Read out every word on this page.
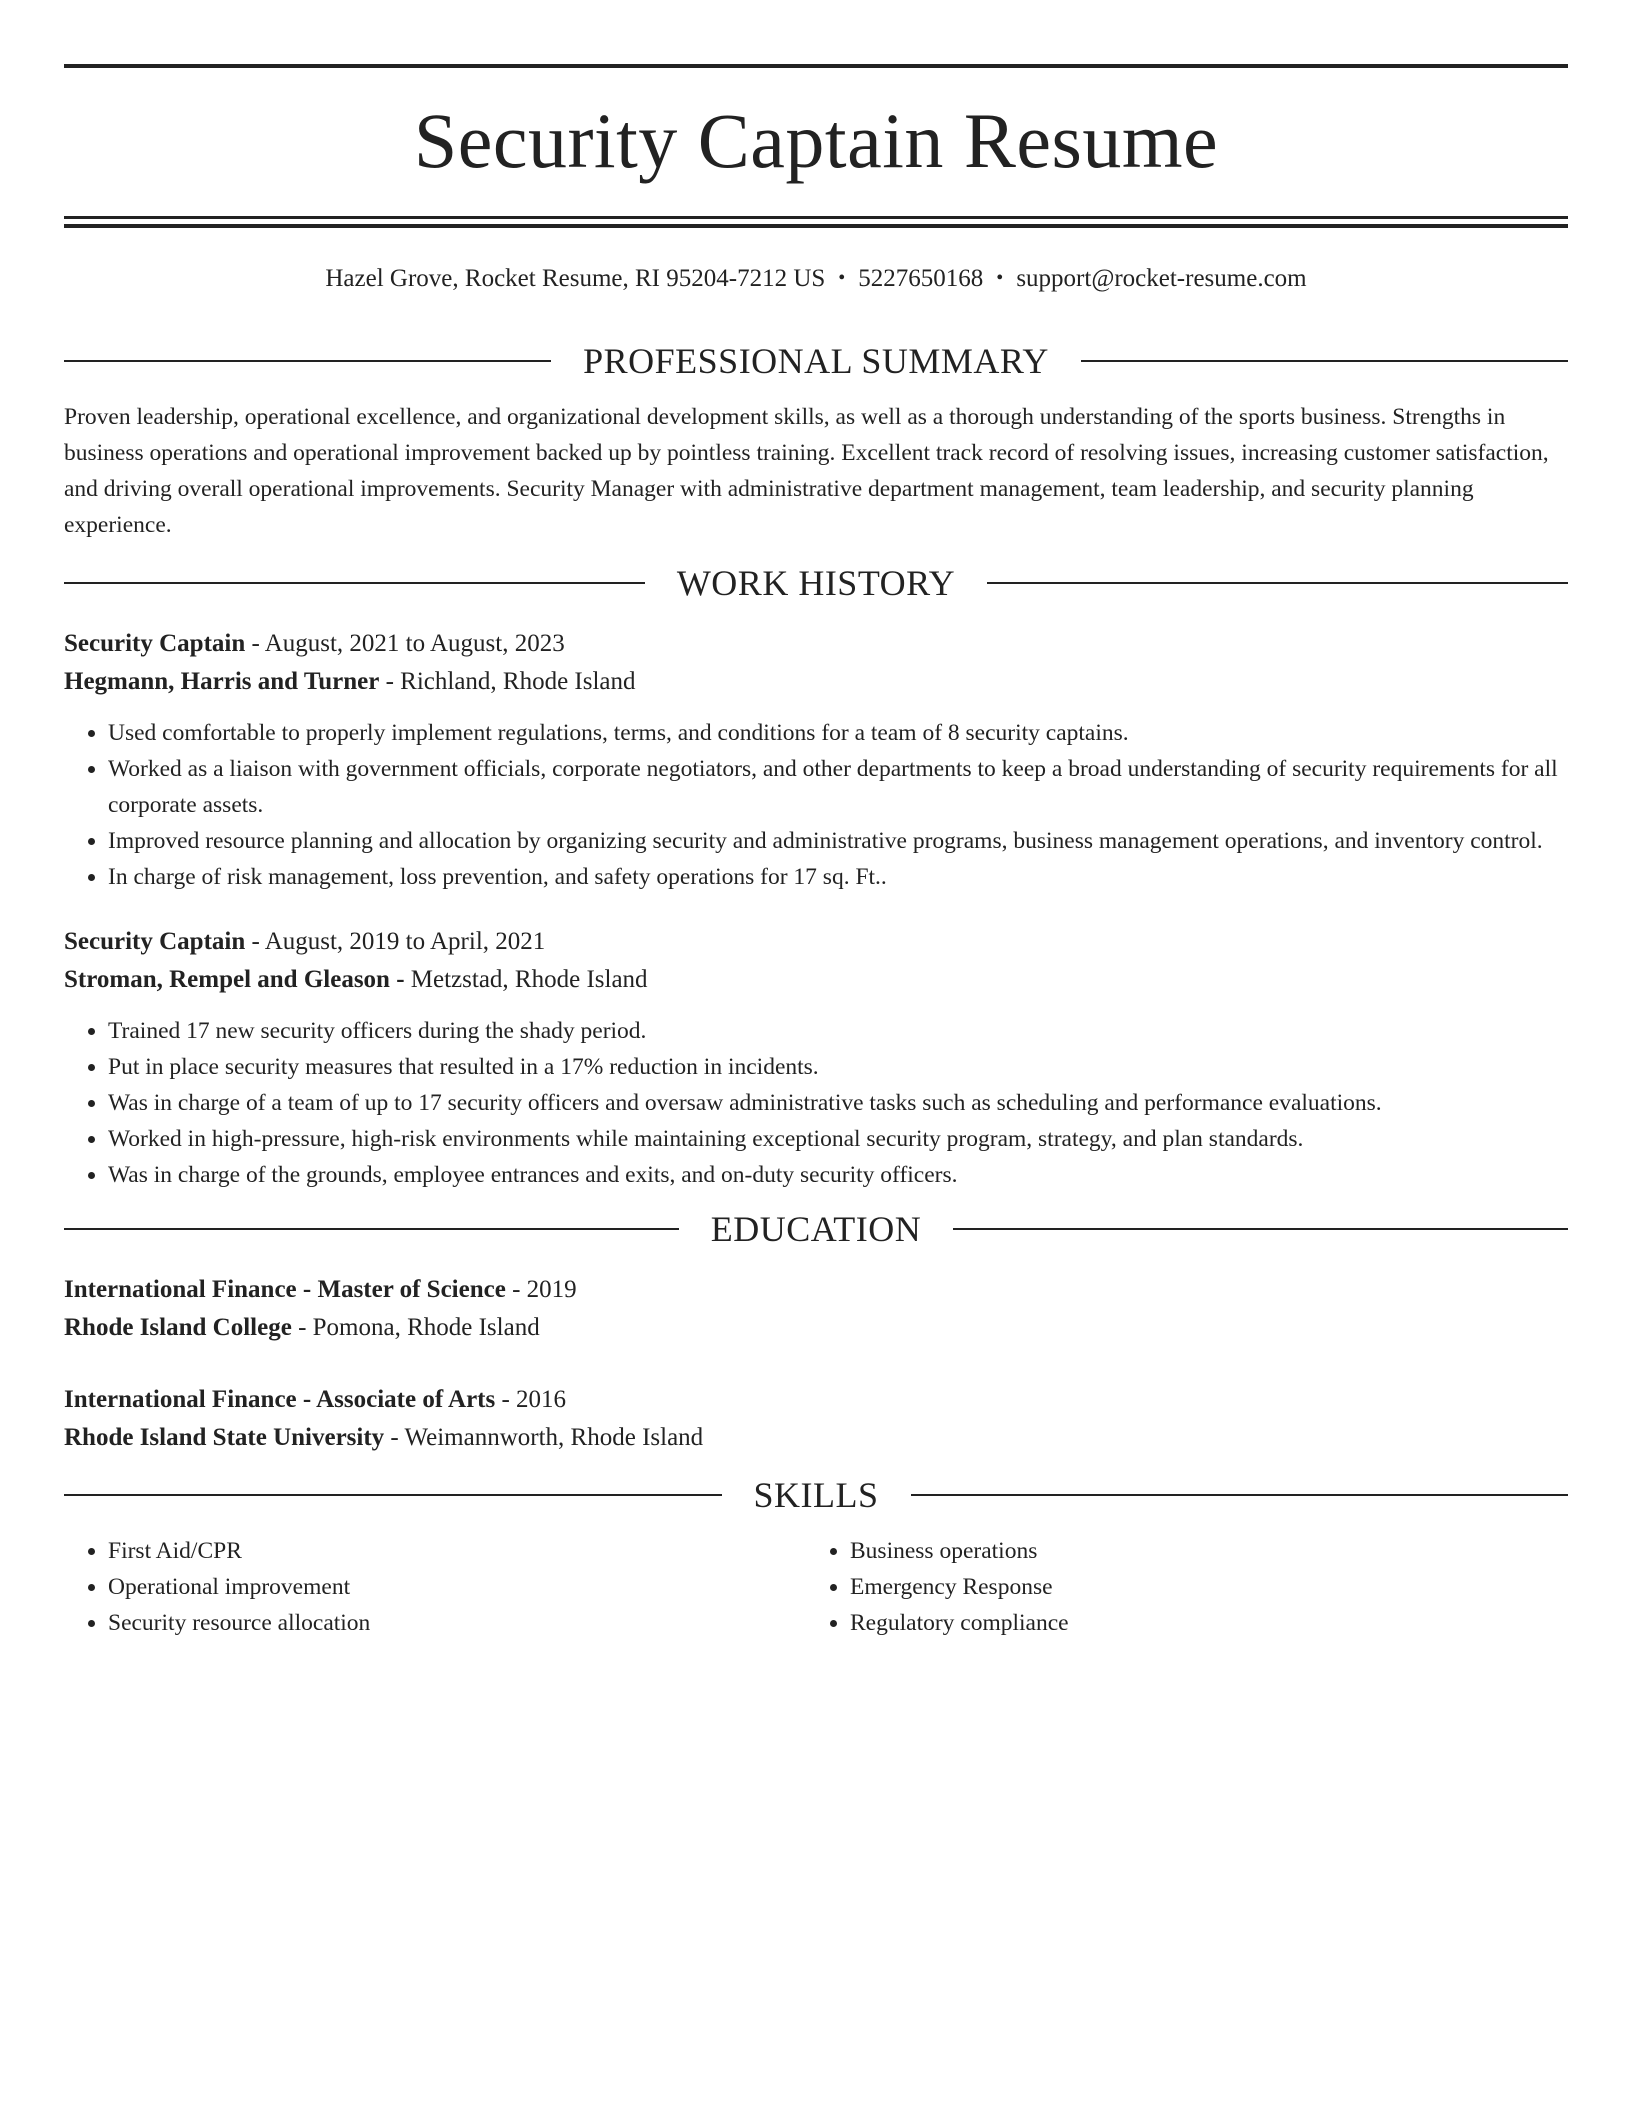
Security Captain Resume
Hazel Grove, Rocket Resume, RI 95204-7212 US • 5227650168 • support@rocket-resume.com
PROFESSIONAL SUMMARY
Proven leadership, operational excellence, and organizational development skills, as well as a thorough understanding of the sports business. Strengths in business operations and operational improvement backed up by pointless training. Excellent track record of resolving issues, increasing customer satisfaction, and driving overall operational improvements. Security Manager with administrative department management, team leadership, and security planning experience.
WORK HISTORY
Security Captain - August, 2021 to August, 2023
Hegmann, Harris and Turner - Richland, Rhode Island
• Used comfortable to properly implement regulations, terms, and conditions for a team of 8 security captains.
• Worked as a liaison with government officials, corporate negotiators, and other departments to keep a broad understanding of security requirements for all corporate assets.
• Improved resource planning and allocation by organizing security and administrative programs, business management operations, and inventory control.
• In charge of risk management, loss prevention, and safety operations for 17 sq. Ft..
Security Captain - August, 2019 to April, 2021
Stroman, Rempel and Gleason - Metzstad, Rhode Island
• Trained 17 new security officers during the shady period.
• Put in place security measures that resulted in a 17% reduction in incidents.
• Was in charge of a team of up to 17 security officers and oversaw administrative tasks such as scheduling and performance evaluations.
• Worked in high-pressure, high-risk environments while maintaining exceptional security program, strategy, and plan standards.
• Was in charge of the grounds, employee entrances and exits, and on-duty security officers.
EDUCATION
International Finance - Master of Science - 2019
Rhode Island College - Pomona, Rhode Island
International Finance - Associate of Arts - 2016
Rhode Island State University - Weimannworth, Rhode Island
SKILLS
• First Aid/CPR
• Operational improvement
• Security resource allocation
• Business operations
• Emergency Response
• Regulatory compliance
